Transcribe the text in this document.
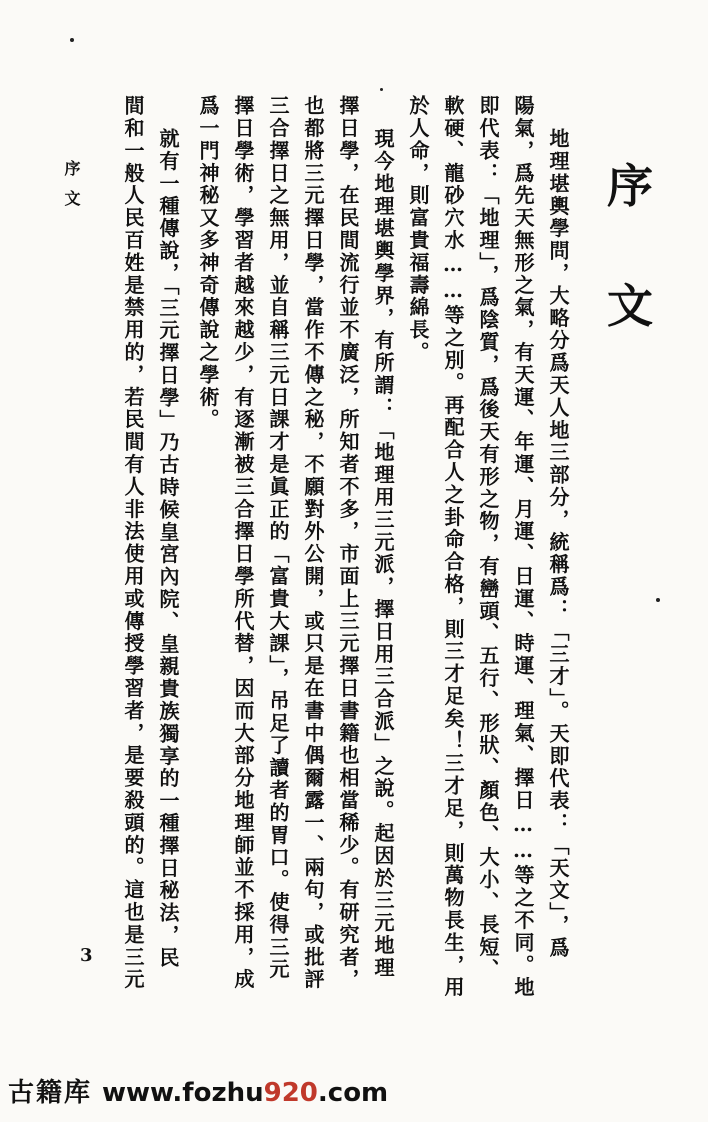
序
文
序文	地理堪輿學問，大略分爲天人地三部分，統稱爲：「三才」。天即代表：「天文」，爲
陽氣，爲先天無形之氣，有天運、年運、月運、日運、時運、理氣、擇日……等之不同。地
即代表：「地理」，爲陰質，爲後天有形之物，有巒頭、五行、形狀、顏色、大小、長短、
軟硬、龍砂穴水……等之別。再配合人之卦命合格，則三才足矣！三才足，則萬物長生，用
於人命，則富貴福壽綿長。
現今地理堪輿學界，有所謂：「地理用三元派，擇日用三合派」之說。起因於三元地理
擇日學，在民間流行並不廣泛，所知者不多，市面上三元擇日書籍也相當稀少。有研究者，
也都將三元擇日學，當作不傳之秘，不願對外公開，或只是在書中偶爾露一、兩句，或批評
三合擇日之無用，並自稱三元日課才是眞正的「富貴大課」，吊足了讀者的胃口。使得三元
擇日學術，學習者越來越少，有逐漸被三合擇日學所代替，因而大部分地理師並不採用，成
爲一門神秘又多神奇傳說之學術。
就有一種傳說，「三元擇日學」乃古時候皇宮內院、皇親貴族獨享的一種擇日秘法，民
間和一般人民百姓是禁用的，若民間有人非法使用或傳授學習者，是要殺頭的。這也是三元
3
古籍库 www.fozhu920.com
